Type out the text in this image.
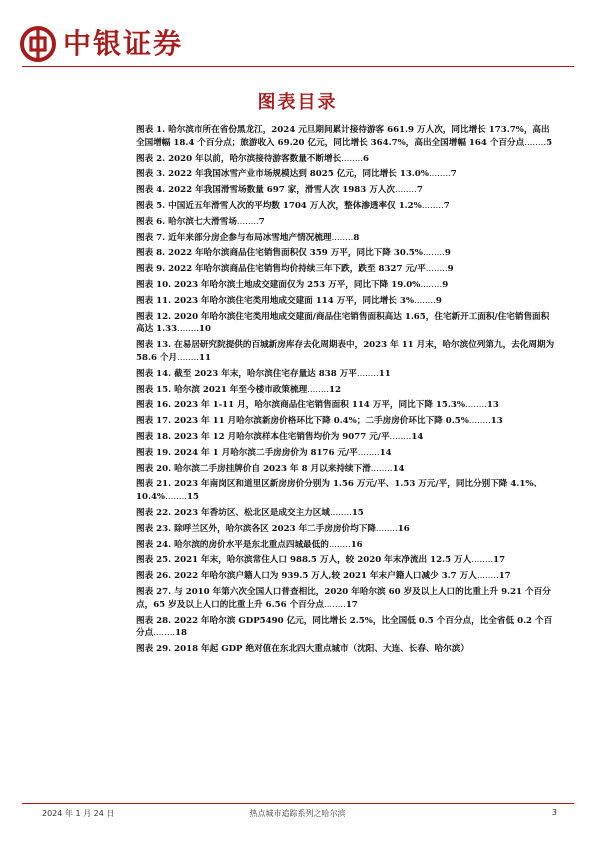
中银证券
图表目录
图表 1. 哈尔滨市所在省份黑龙江，2024 元旦期间累计接待游客 661.9 万人次，同比增长 173.7%，高出全国增幅 18.4 个百分点；旅游收入 69.20 亿元，同比增长 364.7%，高出全国增幅 164 个百分点........5
图表 2. 2020 年以前，哈尔滨接待游客数量不断增长........6
图表 3. 2022 年我国冰雪产业市场规模达到 8025 亿元，同比增长 13.0%........7
图表 4. 2022 年我国滑雪场数量 697 家，滑雪人次 1983 万人次........7
图表 5. 中国近五年滑雪人次的平均数 1704 万人次，整体渗透率仅 1.2%........7
图表 6. 哈尔滨七大滑雪场........7
图表 7. 近年来部分房企参与布局冰雪地产情况梳理........8
图表 8. 2022 年哈尔滨商品住宅销售面积仅 359 万平，同比下降 30.5%........9
图表 9. 2022 年哈尔滨商品住宅销售均价持续三年下跌，跌至 8327 元/平........9
图表 10. 2023 年哈尔滨土地成交建面仅为 253 万平，同比下降 19.0%........9
图表 11. 2023 年哈尔滨住宅类用地成交建面 114 万平，同比增长 3%........9
图表 12. 2020 年哈尔滨住宅类用地成交建面/商品住宅销售面积高达 1.65，住宅新开工面积/住宅销售面积高达 1.33........10
图表 13. 在易居研究院提供的百城新房库存去化周期表中，2023 年 11 月末，哈尔滨位列第九，去化周期为 58.6 个月........11
图表 14. 截至 2023 年末，哈尔滨住宅存量达 838 万平........11
图表 15. 哈尔滨 2021 年至今楼市政策梳理........12
图表 16. 2023 年 1-11 月，哈尔滨商品住宅销售面积 114 万平，同比下降 15.3%........13
图表 17. 2023 年 11 月哈尔滨新房价格环比下降 0.4%；二手房房价环比下降 0.5%........13
图表 18. 2023 年 12 月哈尔滨样本住宅销售均价为 9077 元/平........14
图表 19. 2024 年 1 月哈尔滨二手房房价为 8176 元/平........14
图表 20. 哈尔滨二手房挂牌价自 2023 年 8 月以来持续下滑........14
图表 21. 2023 年南岗区和道里区新房房价分别为 1.56 万元/平、1.53 万元/平，同比分别下降 4.1%、10.4%........15
图表 22. 2023 年香坊区、松北区是成交主力区域........15
图表 23. 除呼兰区外，哈尔滨各区 2023 年二手房房价均下降........16
图表 24. 哈尔滨的房价水平是东北重点四城最低的........16
图表 25. 2021 年末，哈尔滨常住人口 988.5 万人，较 2020 年末净流出 12.5 万人........17
图表 26. 2022 年哈尔滨户籍人口为 939.5 万人,较 2021 年末户籍人口减少 3.7 万人........17
图表 27. 与 2010 年第六次全国人口普查相比，2020 年哈尔滨 60 岁及以上人口的比重上升 9.21 个百分点，65 岁及以上人口的比重上升 6.56 个百分点........17
图表 28. 2022 年哈尔滨 GDP5490 亿元，同比增长 2.5%，比全国低 0.5 个百分点，比全省低 0.2 个百分点........18
图表 29. 2018 年起 GDP 绝对值在东北四大重点城市（沈阳、大连、长春、哈尔滨）
2024 年 1 月 24 日	热点城市追踪系列之哈尔滨	3
